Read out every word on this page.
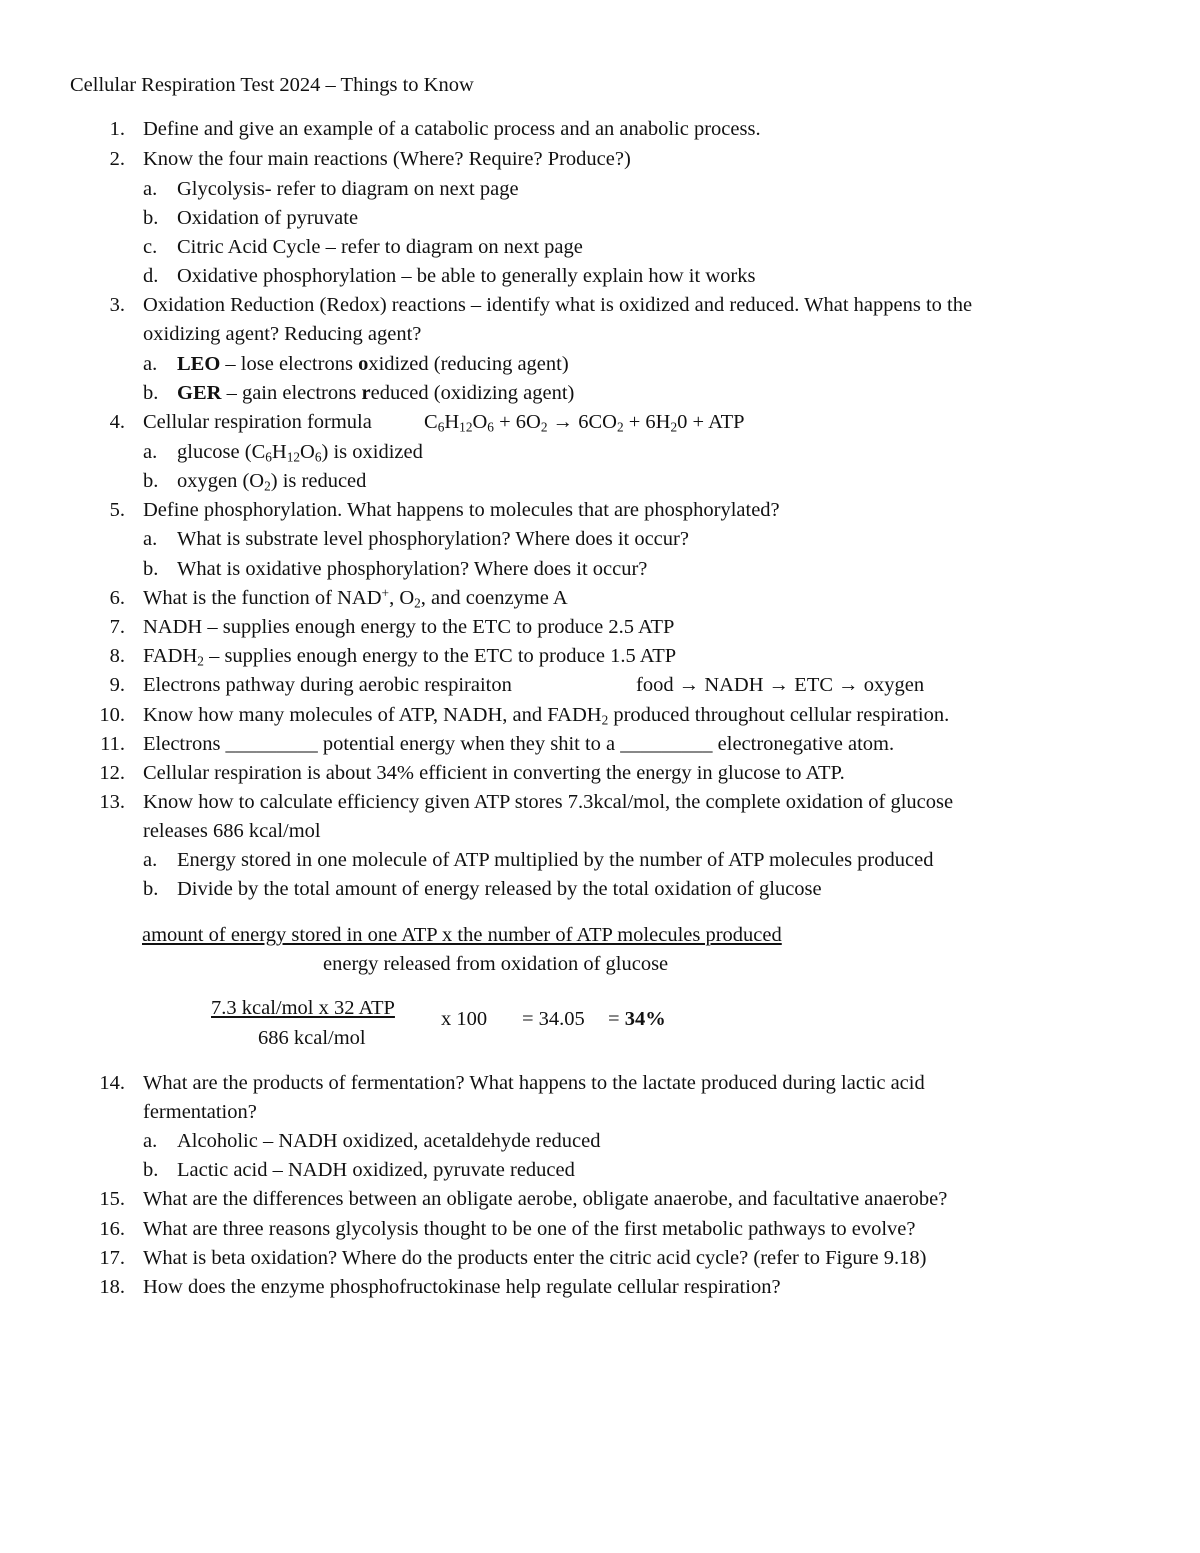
Cellular Respiration Test 2024 – Things to Know
1. Define and give an example of a catabolic process and an anabolic process.
2. Know the four main reactions (Where? Require? Produce?)
a. Glycolysis- refer to diagram on next page
b. Oxidation of pyruvate
c. Citric Acid Cycle – refer to diagram on next page
d. Oxidative phosphorylation – be able to generally explain how it works
3. Oxidation Reduction (Redox) reactions – identify what is oxidized and reduced. What happens to the
oxidizing agent? Reducing agent?
a. LEO – lose electrons oxidized (reducing agent)
b. GER – gain electrons reduced (oxidizing agent)
4. Cellular respiration formula	$C_6H_{12}O_6 + 6O_2 \to 6CO_2 + 6H_20$ + ATP
a. glucose $(C_6H_{12}O_6)$ is oxidized
b. oxygen $(O_2)$ is reduced
5. Define phosphorylation. What happens to molecules that are phosphorylated?
a. What is substrate level phosphorylation? Where does it occur?
b. What is oxidative phosphorylation? Where does it occur?
6. What is the function of NAD+, $O_2$, and coenzyme A
7. NADH – supplies enough energy to the ETC to produce 2.5 ATP
8. $FADH_2$ – supplies enough energy to the ETC to produce 1.5 ATP
9. Electrons pathway during aerobic respiraiton	food → NADH → ETC → oxygen
10. Know how many molecules of ATP, NADH, and $FADH_2$ produced throughout cellular respiration.
11. Electrons _________ potential energy when they shit to a _________ electronegative atom.
12. Cellular respiration is about 34% efficient in converting the energy in glucose to ATP.
13. Know how to calculate efficiency given ATP stores 7.3kcal/mol, the complete oxidation of glucose
releases 686 kcal/mol
a. Energy stored in one molecule of ATP multiplied by the number of ATP molecules produced
b. Divide by the total amount of energy released by the total oxidation of glucose
amount of energy stored in one ATP x the number of ATP molecules produced
energy released from oxidation of glucose
7.3 kcal/mol x 32 ATP
686 kcal/mol
x 100 = 34.05 = 34%
14. What are the products of fermentation? What happens to the lactate produced during lactic acid
fermentation?
a. Alcoholic – NADH oxidized, acetaldehyde reduced
b. Lactic acid – NADH oxidized, pyruvate reduced
15. What are the differences between an obligate aerobe, obligate anaerobe, and facultative anaerobe?
16. What are three reasons glycolysis thought to be one of the first metabolic pathways to evolve?
17. What is beta oxidation? Where do the products enter the citric acid cycle? (refer to Figure 9.18)
18. How does the enzyme phosphofructokinase help regulate cellular respiration?
